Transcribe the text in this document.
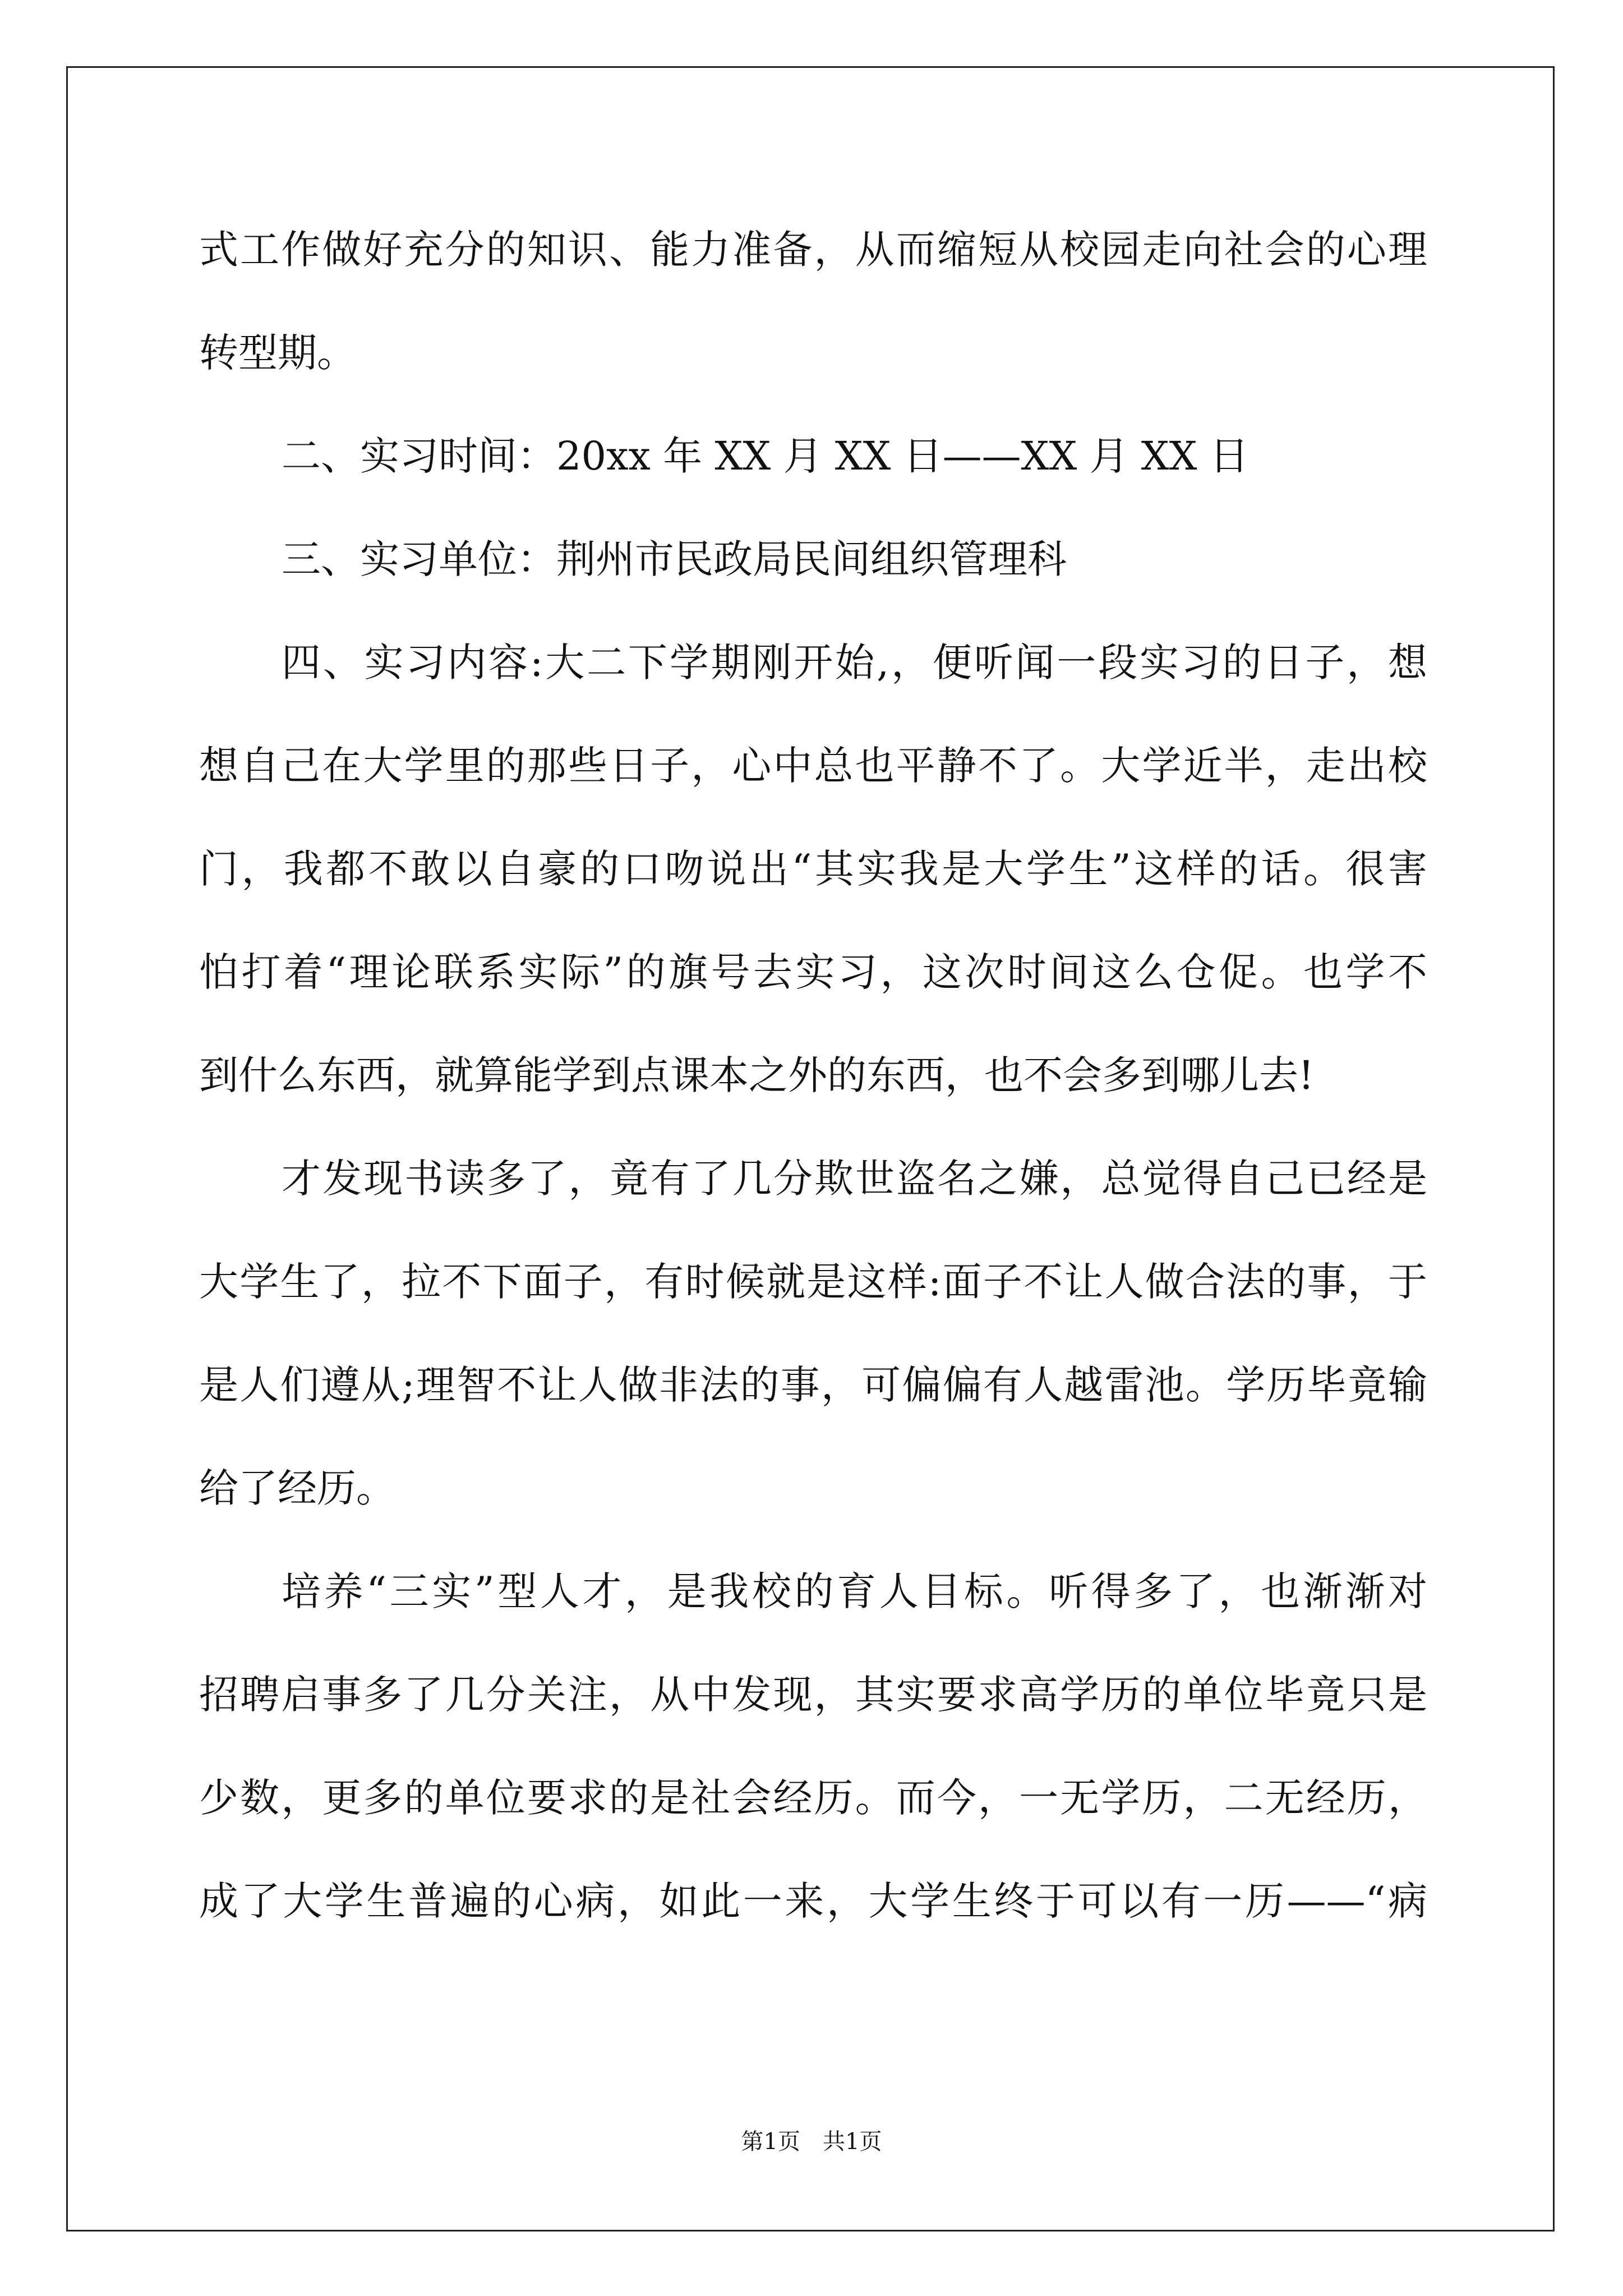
式工作做好充分的知识、能力准备，从而缩短从校园走向社会的心理
转型期。
二、实习时间：20xx 年 XX 月 XX 日——XX 月 XX 日
三、实习单位：荆州市民政局民间组织管理科
四、实习内容:大二下学期刚开始,，便听闻一段实习的日子，想
想自己在大学里的那些日子，心中总也平静不了。大学近半，走出校
门，我都不敢以自豪的口吻说出“其实我是大学生”这样的话。很害
怕打着“理论联系实际”的旗号去实习，这次时间这么仓促。也学不
到什么东西，就算能学到点课本之外的东西，也不会多到哪儿去!
才发现书读多了，竟有了几分欺世盗名之嫌，总觉得自己已经是
大学生了，拉不下面子，有时候就是这样:面子不让人做合法的事，于
是人们遵从;理智不让人做非法的事，可偏偏有人越雷池。学历毕竟输
给了经历。
培养“三实”型人才，是我校的育人目标。听得多了，也渐渐对
招聘启事多了几分关注，从中发现，其实要求高学历的单位毕竟只是
少数，更多的单位要求的是社会经历。而今，一无学历，二无经历，
成了大学生普遍的心病，如此一来，大学生终于可以有一历——“病
第1页　共1页
